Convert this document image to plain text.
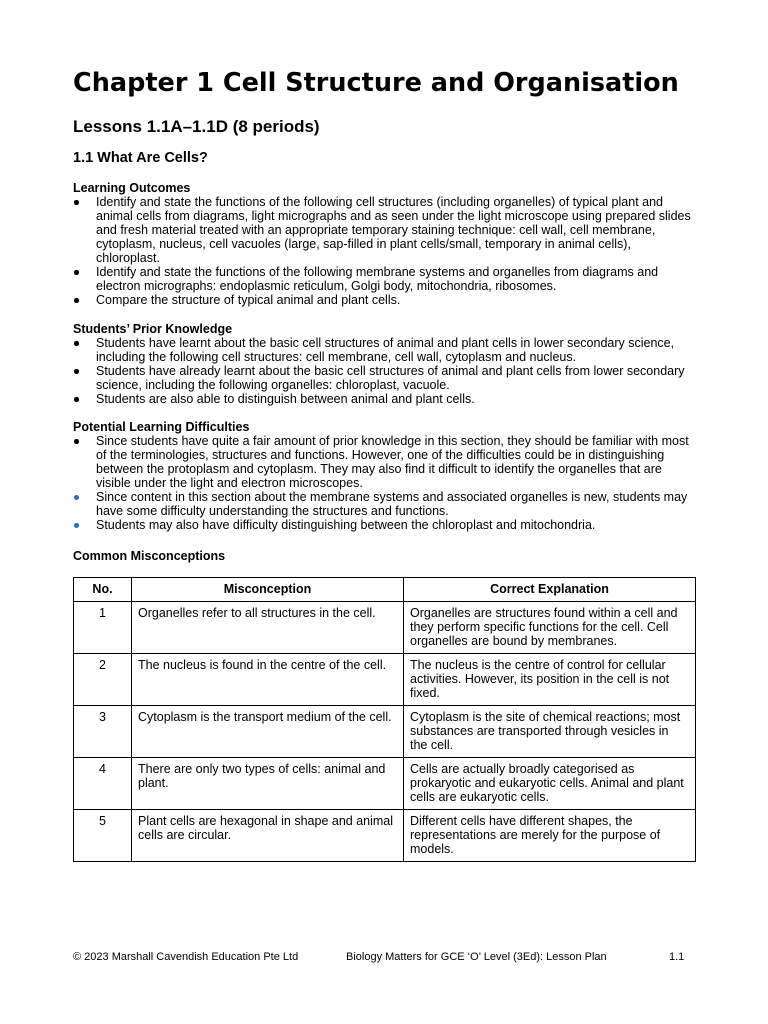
Chapter 1 Cell Structure and Organisation
Lessons 1.1A–1.1D (8 periods)
1.1 What Are Cells?
Learning Outcomes
Identify and state the functions of the following cell structures (including organelles) of typical plant and animal cells from diagrams, light micrographs and as seen under the light microscope using prepared slides and fresh material treated with an appropriate temporary staining technique: cell wall, cell membrane, cytoplasm, nucleus, cell vacuoles (large, sap-filled in plant cells/small, temporary in animal cells), chloroplast.
Identify and state the functions of the following membrane systems and organelles from diagrams and electron micrographs: endoplasmic reticulum, Golgi body, mitochondria, ribosomes.
Compare the structure of typical animal and plant cells.
Students’ Prior Knowledge
Students have learnt about the basic cell structures of animal and plant cells in lower secondary science, including the following cell structures: cell membrane, cell wall, cytoplasm and nucleus.
Students have already learnt about the basic cell structures of animal and plant cells from lower secondary science, including the following organelles: chloroplast, vacuole.
Students are also able to distinguish between animal and plant cells.
Potential Learning Difficulties
Since students have quite a fair amount of prior knowledge in this section, they should be familiar with most of the terminologies, structures and functions. However, one of the difficulties could be in distinguishing between the protoplasm and cytoplasm. They may also find it difficult to identify the organelles that are visible under the light and electron microscopes.
Since content in this section about the membrane systems and associated organelles is new, students may have some difficulty understanding the structures and functions.
Students may also have difficulty distinguishing between the chloroplast and mitochondria.
Common Misconceptions
No.	Misconception	Correct Explanation
1	Organelles refer to all structures in the cell.	Organelles are structures found within a cell and they perform specific functions for the cell. Cell organelles are bound by membranes.
2	The nucleus is found in the centre of the cell.	The nucleus is the centre of control for cellular activities. However, its position in the cell is not fixed.
3	Cytoplasm is the transport medium of the cell.	Cytoplasm is the site of chemical reactions; most substances are transported through vesicles in the cell.
4	There are only two types of cells: animal and plant.	Cells are actually broadly categorised as prokaryotic and eukaryotic cells. Animal and plant cells are eukaryotic cells.
5	Plant cells are hexagonal in shape and animal cells are circular.	Different cells have different shapes, the representations are merely for the purpose of models.
© 2023 Marshall Cavendish Education Pte Ltd	Biology Matters for GCE ‘O’ Level (3Ed): Lesson Plan	1.1
